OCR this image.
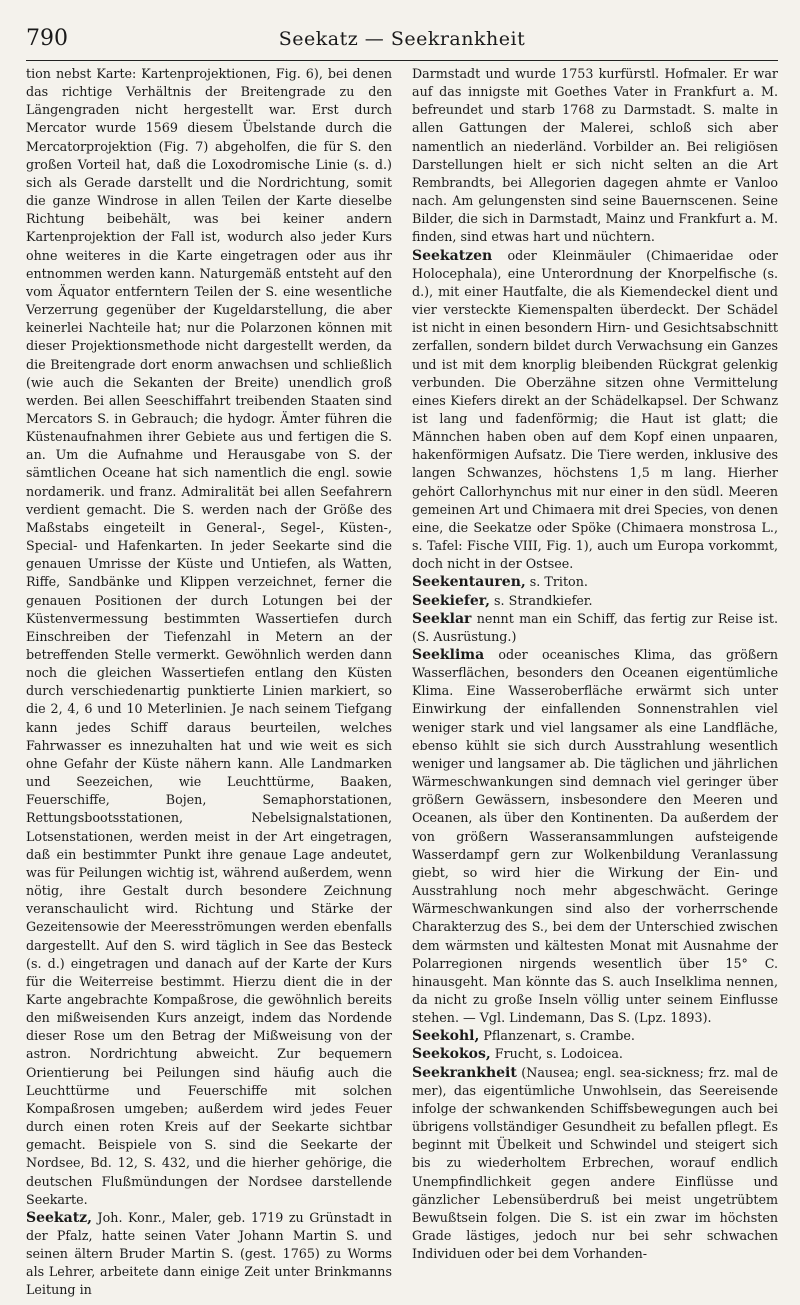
790	Seekatz — Seekrankheit

tion nebst Karte: Kartenprojektionen, Fig. 6), bei denen das richtige Verhältnis der Breitengrade zu den Längengraden nicht hergestellt war. Erst durch Mercator wurde 1569 diesem Übelstande durch die Mercatorprojektion (Fig. 7) abgeholfen, die für S. den großen Vorteil hat, daß die Loxodromische Linie (s. d.) sich als Gerade darstellt und die Nordrichtung, somit die ganze Windrose in allen Teilen der Karte dieselbe Richtung beibehält, was bei keiner andern Kartenprojektion der Fall ist, wodurch also jeder Kurs ohne weiteres in die Karte eingetragen oder aus ihr entnommen werden kann. Naturgemäß entsteht auf den vom Äquator entferntern Teilen der S. eine wesentliche Verzerrung gegenüber der Kugeldarstellung, die aber keinerlei Nachteile hat; nur die Polarzonen können mit dieser Projektionsmethode nicht dargestellt werden, da die Breitengrade dort enorm anwachsen und schließlich (wie auch die Sekanten der Breite) unendlich groß werden. Bei allen Seeschiffahrt treibenden Staaten sind Mercators S. in Gebrauch; die hydogr. Ämter führen die Küstenaufnahmen ihrer Gebiete aus und fertigen die S. an. Um die Aufnahme und Herausgabe von S. der sämtlichen Oceane hat sich namentlich die engl. sowie nordamerik. und franz. Admiralität bei allen Seefahrern verdient gemacht. Die S. werden nach der Größe des Maßstabs eingeteilt in General-, Segel-, Küsten-, Special- und Hafenkarten. In jeder Seekarte sind die genauen Umrisse der Küste und Untiefen, als Watten, Riffe, Sandbänke und Klippen verzeichnet, ferner die genauen Positionen der durch Lotungen bei der Küstenvermessung bestimmten Wassertiefen durch Einschreiben der Tiefenzahl in Metern an der betreffenden Stelle vermerkt. Gewöhnlich werden dann noch die gleichen Wassertiefen entlang den Küsten durch verschiedenartig punktierte Linien markiert, so die 2, 4, 6 und 10 Meterlinien. Je nach seinem Tiefgang kann jedes Schiff daraus beurteilen, welches Fahrwasser es innezuhalten hat und wie weit es sich ohne Gefahr der Küste nähern kann. Alle Landmarken und Seezeichen, wie Leuchttürme, Baaken, Feuerschiffe, Bojen, Semaphorstationen, Rettungsbootsstationen, Nebelsignalstationen, Lotsenstationen, werden meist in der Art eingetragen, daß ein bestimmter Punkt ihre genaue Lage andeutet, was für Peilungen wichtig ist, während außerdem, wenn nötig, ihre Gestalt durch besondere Zeichnung veranschaulicht wird. Richtung und Stärke der Gezeitensowie der Meeresströmungen werden ebenfalls dargestellt. Auf den S. wird täglich in See das Besteck (s. d.) eingetragen und danach auf der Karte der Kurs für die Weiterreise bestimmt. Hierzu dient die in der Karte angebrachte Kompaßrose, die gewöhnlich bereits den mißweisenden Kurs anzeigt, indem das Nordende dieser Rose um den Betrag der Mißweisung von der astron. Nordrichtung abweicht. Zur bequemern Orientierung bei Peilungen sind häufig auch die Leuchttürme und Feuerschiffe mit solchen Kompaßrosen umgeben; außerdem wird jedes Feuer durch einen roten Kreis auf der Seekarte sichtbar gemacht. Beispiele von S. sind die Seekarte der Nordsee, Bd. 12, S. 432, und die hierher gehörige, die deutschen Flußmündungen der Nordsee darstellende Seekarte.

Seekatz, Joh. Konr., Maler, geb. 1719 zu Grünstadt in der Pfalz, hatte seinen Vater Johann Martin S. und seinen ältern Bruder Martin S. (gest. 1765) zu Worms als Lehrer, arbeitete dann einige Zeit unter Brinkmanns Leitung in

Darmstadt und wurde 1753 kurfürstl. Hofmaler. Er war auf das innigste mit Goethes Vater in Frankfurt a. M. befreundet und starb 1768 zu Darmstadt. S. malte in allen Gattungen der Malerei, schloß sich aber namentlich an niederländ. Vorbilder an. Bei religiösen Darstellungen hielt er sich nicht selten an die Art Rembrandts, bei Allegorien dagegen ahmte er Vanloo nach. Am gelungensten sind seine Bauernscenen. Seine Bilder, die sich in Darmstadt, Mainz und Frankfurt a. M. finden, sind etwas hart und nüchtern.

Seekatzen oder Kleinmäuler (Chimaeridae oder Holocephala), eine Unterordnung der Knorpelfische (s. d.), mit einer Hautfalte, die als Kiemendeckel dient und vier versteckte Kiemenspalten überdeckt. Der Schädel ist nicht in einen besondern Hirn- und Gesichtsabschnitt zerfallen, sondern bildet durch Verwachsung ein Ganzes und ist mit dem knorplig bleibenden Rückgrat gelenkig verbunden. Die Oberzähne sitzen ohne Vermittelung eines Kiefers direkt an der Schädelkapsel. Der Schwanz ist lang und fadenförmig; die Haut ist glatt; die Männchen haben oben auf dem Kopf einen unpaaren, hakenförmigen Aufsatz. Die Tiere werden, inklusive des langen Schwanzes, höchstens 1,5 m lang. Hierher gehört Callorhynchus mit nur einer in den südl. Meeren gemeinen Art und Chimaera mit drei Species, von denen eine, die Seekatze oder Spöke (Chimaera monstrosa L., s. Tafel: Fische VIII, Fig. 1), auch um Europa vorkommt, doch nicht in der Ostsee.

Seekentauren, s. Triton.

Seekiefer, s. Strandkiefer.

Seeklar nennt man ein Schiff, das fertig zur Reise ist. (S. Ausrüstung.)

Seeklima oder oceanisches Klima, das größern Wasserflächen, besonders den Oceanen eigentümliche Klima. Eine Wasseroberfläche erwärmt sich unter Einwirkung der einfallenden Sonnenstrahlen viel weniger stark und viel langsamer als eine Landfläche, ebenso kühlt sie sich durch Ausstrahlung wesentlich weniger und langsamer ab. Die täglichen und jährlichen Wärmeschwankungen sind demnach viel geringer über größern Gewässern, insbesondere den Meeren und Oceanen, als über den Kontinenten. Da außerdem der von größern Wasseransammlungen aufsteigende Wasserdampf gern zur Wolkenbildung Veranlassung giebt, so wird hier die Wirkung der Ein- und Ausstrahlung noch mehr abgeschwächt. Geringe Wärmeschwankungen sind also der vorherrschende Charakterzug des S., bei dem der Unterschied zwischen dem wärmsten und kältesten Monat mit Ausnahme der Polarregionen nirgends wesentlich über 15° C. hinausgeht. Man könnte das S. auch Inselklima nennen, da nicht zu große Inseln völlig unter seinem Einflusse stehen. — Vgl. Lindemann, Das S. (Lpz. 1893).

Seekohl, Pflanzenart, s. Crambe.

Seekokos, Frucht, s. Lodoicea.

Seekrankheit (Nausea; engl. sea-sickness; frz. mal de mer), das eigentümliche Unwohlsein, das Seereisende infolge der schwankenden Schiffsbewegungen auch bei übrigens vollständiger Gesundheit zu befallen pflegt. Es beginnt mit Übelkeit und Schwindel und steigert sich bis zu wiederholtem Erbrechen, worauf endlich Unempfindlichkeit gegen andere Einflüsse und gänzlicher Lebensüberdruß bei meist ungetrübtem Bewußtsein folgen. Die S. ist ein zwar im höchsten Grade lästiges, jedoch nur bei sehr schwachen Individuen oder bei dem Vorhanden-
